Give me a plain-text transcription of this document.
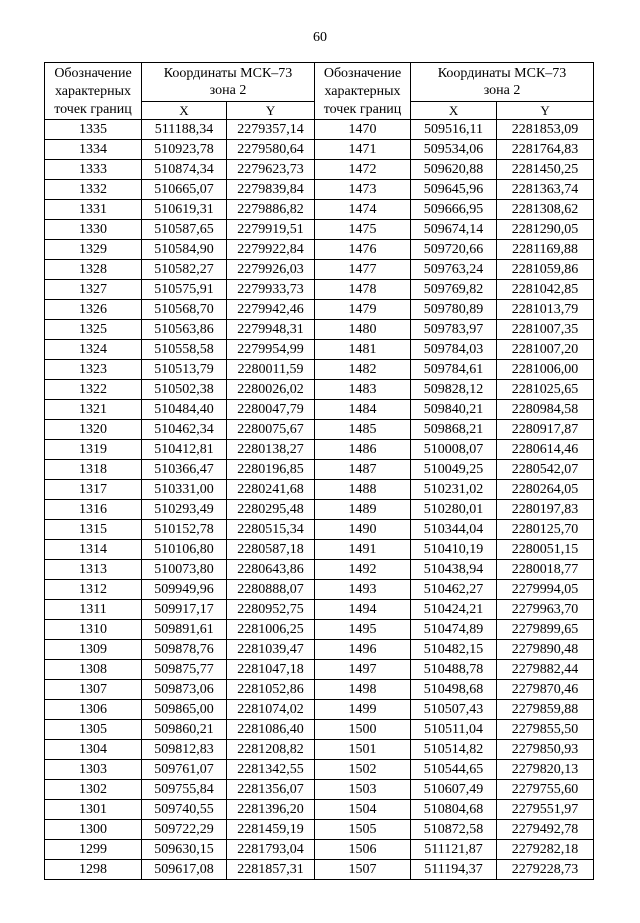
60
Обозначение
характерных
точек границ	Координаты МСК–73
зона 2		Обозначение
характерных
точек границ	Координаты МСК–73
зона 2	
	X	Y		X	Y
1335	511188,34	2279357,14	1470	509516,11	2281853,09
1334	510923,78	2279580,64	1471	509534,06	2281764,83
1333	510874,34	2279623,73	1472	509620,88	2281450,25
1332	510665,07	2279839,84	1473	509645,96	2281363,74
1331	510619,31	2279886,82	1474	509666,95	2281308,62
1330	510587,65	2279919,51	1475	509674,14	2281290,05
1329	510584,90	2279922,84	1476	509720,66	2281169,88
1328	510582,27	2279926,03	1477	509763,24	2281059,86
1327	510575,91	2279933,73	1478	509769,82	2281042,85
1326	510568,70	2279942,46	1479	509780,89	2281013,79
1325	510563,86	2279948,31	1480	509783,97	2281007,35
1324	510558,58	2279954,99	1481	509784,03	2281007,20
1323	510513,79	2280011,59	1482	509784,61	2281006,00
1322	510502,38	2280026,02	1483	509828,12	2281025,65
1321	510484,40	2280047,79	1484	509840,21	2280984,58
1320	510462,34	2280075,67	1485	509868,21	2280917,87
1319	510412,81	2280138,27	1486	510008,07	2280614,46
1318	510366,47	2280196,85	1487	510049,25	2280542,07
1317	510331,00	2280241,68	1488	510231,02	2280264,05
1316	510293,49	2280295,48	1489	510280,01	2280197,83
1315	510152,78	2280515,34	1490	510344,04	2280125,70
1314	510106,80	2280587,18	1491	510410,19	2280051,15
1313	510073,80	2280643,86	1492	510438,94	2280018,77
1312	509949,96	2280888,07	1493	510462,27	2279994,05
1311	509917,17	2280952,75	1494	510424,21	2279963,70
1310	509891,61	2281006,25	1495	510474,89	2279899,65
1309	509878,76	2281039,47	1496	510482,15	2279890,48
1308	509875,77	2281047,18	1497	510488,78	2279882,44
1307	509873,06	2281052,86	1498	510498,68	2279870,46
1306	509865,00	2281074,02	1499	510507,43	2279859,88
1305	509860,21	2281086,40	1500	510511,04	2279855,50
1304	509812,83	2281208,82	1501	510514,82	2279850,93
1303	509761,07	2281342,55	1502	510544,65	2279820,13
1302	509755,84	2281356,07	1503	510607,49	2279755,60
1301	509740,55	2281396,20	1504	510804,68	2279551,97
1300	509722,29	2281459,19	1505	510872,58	2279492,78
1299	509630,15	2281793,04	1506	511121,87	2279282,18
1298	509617,08	2281857,31	1507	511194,37	2279228,73
